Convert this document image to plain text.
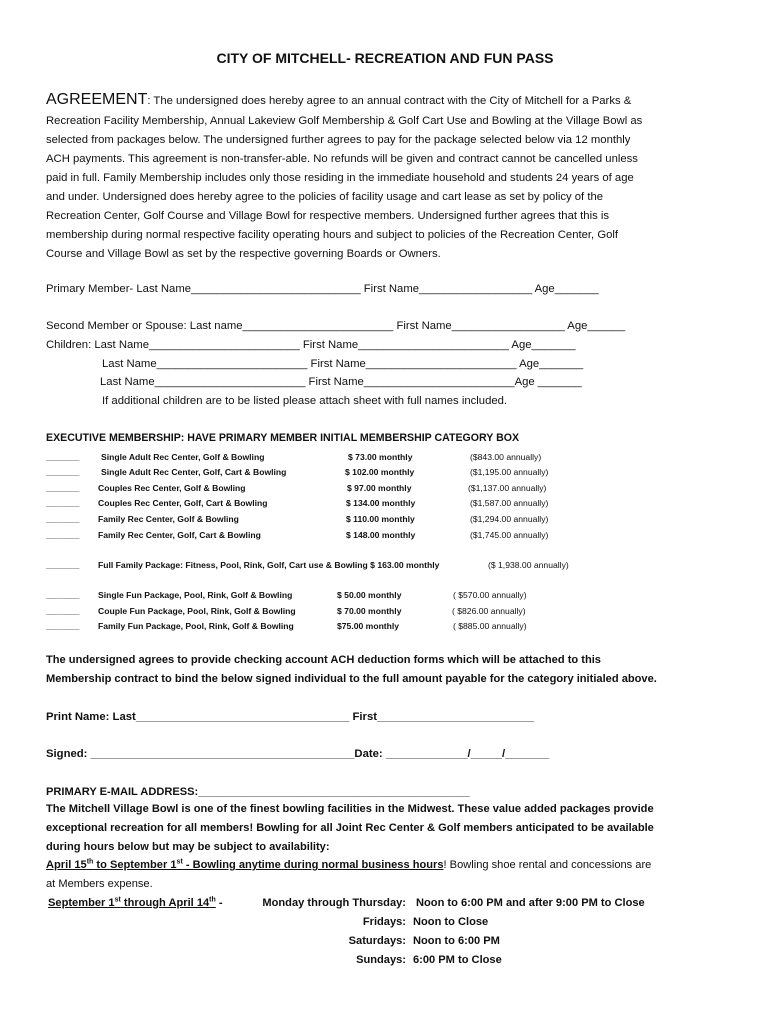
CITY OF MITCHELL- RECREATION AND FUN PASS
AGREEMENT: The undersigned does hereby agree to an annual contract with the City of Mitchell for a Parks &
Recreation Facility Membership, Annual Lakeview Golf Membership & Golf Cart Use and Bowling at the Village Bowl as
selected from packages below. The undersigned further agrees to pay for the package selected below via 12 monthly
ACH payments. This agreement is non-transfer-able. No refunds will be given and contract cannot be cancelled unless
paid in full. Family Membership includes only those residing in the immediate household and students 24 years of age
and under. Undersigned does hereby agree to the policies of facility usage and cart lease as set by policy of the
Recreation Center, Golf Course and Village Bowl for respective members. Undersigned further agrees that this is
membership during normal respective facility operating hours and subject to policies of the Recreation Center, Golf
Course and Village Bowl as set by the respective governing Boards or Owners.
Primary Member- Last Name___________________________ First Name__________________ Age_______
Second Member or Spouse: Last name________________________ First Name__________________ Age______
Children: Last Name________________________ First Name________________________ Age_______
Last Name________________________ First Name________________________ Age_______
Last Name________________________ First Name________________________Age _______
If additional children are to be listed please attach sheet with full names included.
EXECUTIVE MEMBERSHIP: HAVE PRIMARY MEMBER INITIAL MEMBERSHIP CATEGORY BOX
_______	Single Adult Rec Center, Golf & Bowling	$ 73.00 monthly	($843.00 annually)
_______	Single Adult Rec Center, Golf, Cart & Bowling	$ 102.00 monthly	($1,195.00 annually)
_______ Couples Rec Center, Golf & Bowling	$ 97.00 monthly	($1,137.00 annually)
_______ Couples Rec Center, Golf, Cart & Bowling	$ 134.00 monthly	($1,587.00 annually)
_______ Family Rec Center, Golf & Bowling	$ 110.00 monthly	($1,294.00 annually)
_______ Family Rec Center, Golf, Cart & Bowling	$ 148.00 monthly	($1,745.00 annually)
_______ Full Family Package: Fitness, Pool, Rink, Golf, Cart use & Bowling $ 163.00 monthly	($ 1,938.00 annually)
_______ Single Fun Package, Pool, Rink, Golf & Bowling	$ 50.00 monthly	( $570.00 annually)
_______ Couple Fun Package, Pool, Rink, Golf & Bowling	$ 70.00 monthly	( $826.00 annually)
_______ Family Fun Package, Pool, Rink, Golf & Bowling	$75.00 monthly	( $885.00 annually)
The undersigned agrees to provide checking account ACH deduction forms which will be attached to this
Membership contract to bind the below signed individual to the full amount payable for the category initialed above.
Print Name: Last__________________________________ First_________________________
Signed: __________________________________________Date: _____________/_____/_______
PRIMARY E-MAIL ADDRESS:____________________________________________
The Mitchell Village Bowl is one of the finest bowling facilities in the Midwest. These value added packages provide
exceptional recreation for all members! Bowling for all Joint Rec Center & Golf members anticipated to be available
during hours below but may be subject to availability:
April 15th to September 1st - Bowling anytime during normal business hours! Bowling shoe rental and concessions are
at Members expense.
September 1st through April 14th -	Monday through Thursday: Noon to 6:00 PM and after 9:00 PM to Close
Fridays: Noon to Close
Saturdays: Noon to 6:00 PM
Sundays: 6:00 PM to Close
